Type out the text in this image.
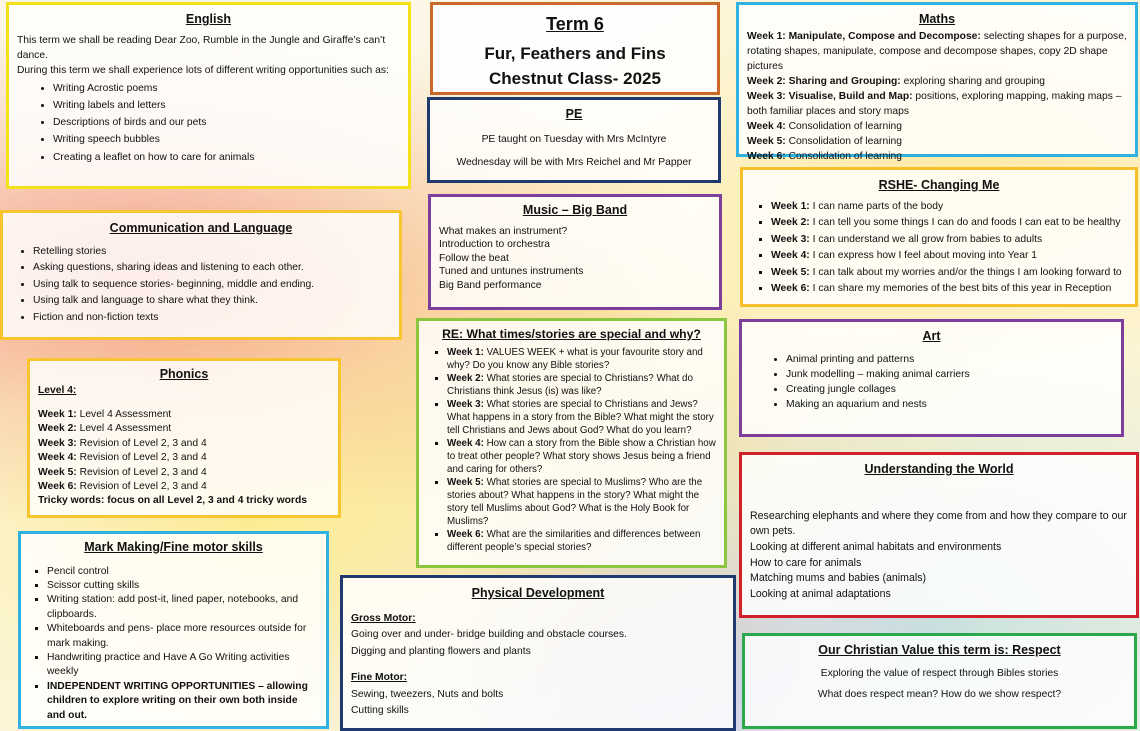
English

This term we shall be reading Dear Zoo, Rumble in the Jungle and Giraffe’s can’t dance.

During this term we shall experience lots of different writing opportunities such as:

• Writing Acrostic poems
• Writing labels and letters
• Descriptions of birds and our pets
• Writing speech bubbles
• Creating a leaflet on how to care for animals
Term 6
Fur, Feathers and Fins
Chestnut Class- 2025
Maths

Week 1: Manipulate, Compose and Decompose: selecting shapes for a purpose, rotating shapes, manipulate, compose and decompose shapes, copy 2D shape pictures

Week 2: Sharing and Grouping: exploring sharing and grouping

Week 3: Visualise, Build and Map: positions, exploring mapping, making maps – both familiar places and story maps

Week 4: Consolidation of learning

Week 5: Consolidation of learning

Week 6: Consolidation of learning

PE

PE taught on Tuesday with Mrs McIntyre

Wednesday will be with Mrs Reichel and Mr Papper

RSHE- Changing Me
▪ Week 1: I can name parts of the body
▪ Week 2: I can tell you some things I can do and foods I can eat to be healthy
▪ Week 3: I can understand we all grow from babies to adults
▪ Week 4: I can express how I feel about moving into Year 1
▪ Week 5: I can talk about my worries and/or the things I am looking forward to
▪ Week 6: I can share my memories of the best bits of this year in Reception
Communication and Language
• Retelling stories
• Asking questions, sharing ideas and listening to each other.
• Using talk to sequence stories- beginning, middle and ending.
• Using talk and language to share what they think.
• Fiction and non-fiction texts
Music – Big Band

What makes an instrument?

Introduction to orchestra

Follow the beat

Tuned and untunes instruments

Big Band performance

RE: What times/stories are special and why?
▪ Week 1: VALUES WEEK + what is your favourite story and why? Do you know any Bible stories?
▪ Week 2: What stories are special to Christians? What do Christians think Jesus (is) was like?
▪ Week 3: What stories are special to Christians and Jews? What happens in a story from the Bible? What might the story tell Christians and Jews about God? What do you learn?
▪ Week 4: How can a story from the Bible show a Christian how to treat other people? What story shows Jesus being a friend and caring for others?
▪ Week 5: What stories are special to Muslims? Who are the stories about? What happens in the story? What might the story tell Muslims about God? What is the Holy Book for Muslims?
▪ Week 6: What are the similarities and differences between different people’s special stories?
Art
• Animal printing and patterns
• Junk modelling – making animal carriers
• Creating jungle collages
• Making an aquarium and nests
Phonics

Level 4:

Week 1: Level 4 Assessment

Week 2: Level 4 Assessment

Week 3: Revision of Level 2, 3 and 4

Week 4: Revision of Level 2, 3 and 4

Week 5: Revision of Level 2, 3 and 4

Week 6: Revision of Level 2, 3 and 4

Tricky words: focus on all Level 2, 3 and 4 tricky words

Understanding the World

Researching elephants and where they come from and how they compare to our own pets.

Looking at different animal habitats and environments

How to care for animals

Matching mums and babies (animals)

Looking at animal adaptations

Mark Making/Fine motor skills
▪ Pencil control
▪ Scissor cutting skills
▪ Writing station: add post-it, lined paper, notebooks, and clipboards.
▪ Whiteboards and pens- place more resources outside for mark making.
▪ Handwriting practice and Have A Go Writing activities weekly
▪ INDEPENDENT WRITING OPPORTUNITIES – allowing children to explore writing on their own both inside and out.
Physical Development

Gross Motor:

Going over and under- bridge building and obstacle courses.

Digging and planting flowers and plants

Fine Motor:

Sewing, tweezers, Nuts and bolts

Cutting skills

Our Christian Value this term is: Respect

Exploring the value of respect through Bibles stories

What does respect mean? How do we show respect?
